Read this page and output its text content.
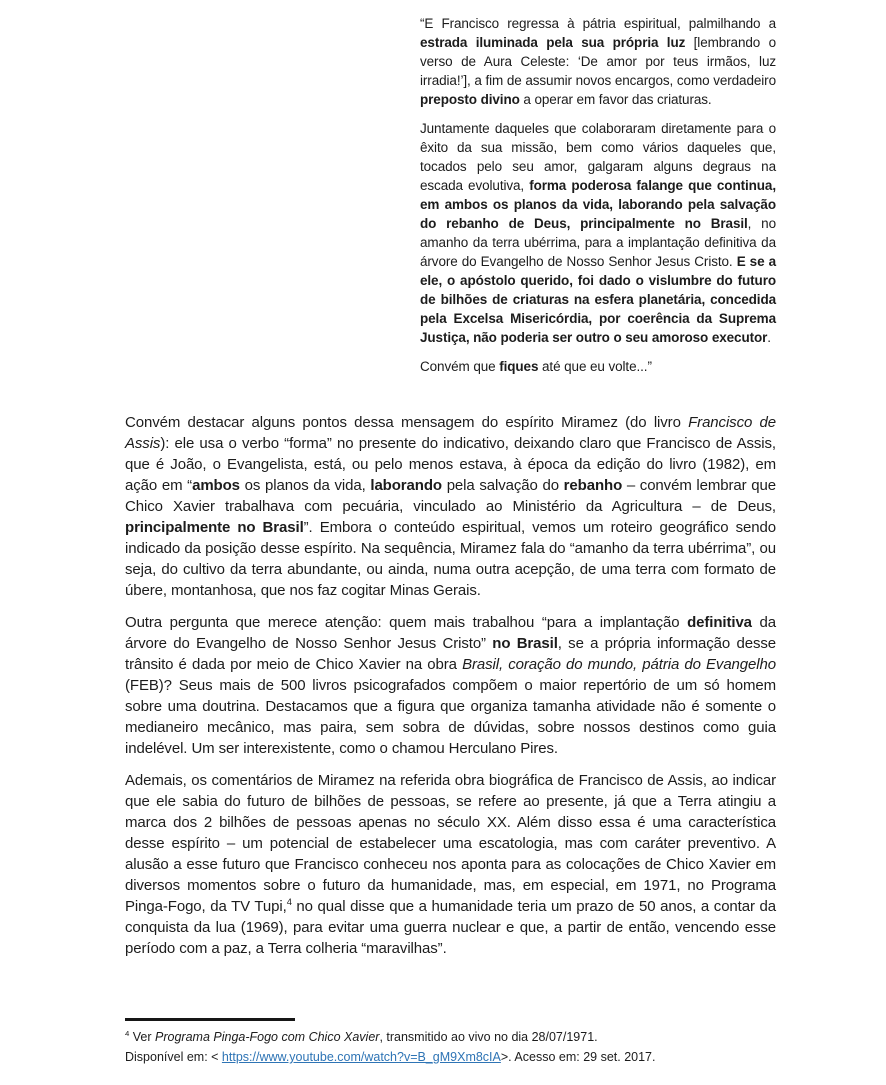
“E Francisco regressa à pátria espiritual, palmilhando a estrada iluminada pela sua própria luz [lembrando o verso de Aura Celeste: ‘De amor por teus irmãos, luz irradia!’], a fim de assumir novos encargos, como verdadeiro preposto divino a operar em favor das criaturas.

Juntamente daqueles que colaboraram diretamente para o êxito da sua missão, bem como vários daqueles que, tocados pelo seu amor, galgaram alguns degraus na escada evolutiva, forma poderosa falange que continua, em ambos os planos da vida, laborando pela salvação do rebanho de Deus, principalmente no Brasil, no amanho da terra ubérrima, para a implantação definitiva da árvore do Evangelho de Nosso Senhor Jesus Cristo. E se a ele, o apóstolo querido, foi dado o vislumbre do futuro de bilhões de criaturas na esfera planetária, concedida pela Excelsa Misericórdia, por coerência da Suprema Justiça, não poderia ser outro o seu amoroso executor.

Convém que fiques até que eu volte...”

Convém destacar alguns pontos dessa mensagem do espírito Miramez (do livro Francisco de Assis): ele usa o verbo “forma” no presente do indicativo, deixando claro que Francisco de Assis, que é João, o Evangelista, está, ou pelo menos estava, à época da edição do livro (1982), em ação em “ambos os planos da vida, laborando pela salvação do rebanho – convém lembrar que Chico Xavier trabalhava com pecuária, vinculado ao Ministério da Agricultura – de Deus, principalmente no Brasil”. Embora o conteúdo espiritual, vemos um roteiro geográfico sendo indicado da posição desse espírito. Na sequência, Miramez fala do “amanho da terra ubérrima”, ou seja, do cultivo da terra abundante, ou ainda, numa outra acepção, de uma terra com formato de úbere, montanhosa, que nos faz cogitar Minas Gerais.

Outra pergunta que merece atenção: quem mais trabalhou “para a implantação definitiva da árvore do Evangelho de Nosso Senhor Jesus Cristo” no Brasil, se a própria informação desse trânsito é dada por meio de Chico Xavier na obra Brasil, coração do mundo, pátria do Evangelho (FEB)? Seus mais de 500 livros psicografados compõem o maior repertório de um só homem sobre uma doutrina. Destacamos que a figura que organiza tamanha atividade não é somente o medianeiro mecânico, mas paira, sem sobra de dúvidas, sobre nossos destinos como guia indelével. Um ser interexistente, como o chamou Herculano Pires.

Ademais, os comentários de Miramez na referida obra biográfica de Francisco de Assis, ao indicar que ele sabia do futuro de bilhões de pessoas, se refere ao presente, já que a Terra atingiu a marca dos 2 bilhões de pessoas apenas no século XX. Além disso essa é uma característica desse espírito – um potencial de estabelecer uma escatologia, mas com caráter preventivo. A alusão a esse futuro que Francisco conheceu nos aponta para as colocações de Chico Xavier em diversos momentos sobre o futuro da humanidade, mas, em especial, em 1971, no Programa Pinga-Fogo, da TV Tupi,$^4$ no qual disse que a humanidade teria um prazo de 50 anos, a contar da conquista da lua (1969), para evitar uma guerra nuclear e que, a partir de então, vencendo esse período com a paz, a Terra colheria “maravilhas”.

$^4$ Ver Programa Pinga-Fogo com Chico Xavier, transmitido ao vivo no dia 28/07/1971.

Disponível em: < https://www.youtube.com/watch?v=B_gM9Xm8cIA>. Acesso em: 29 set. 2017.
